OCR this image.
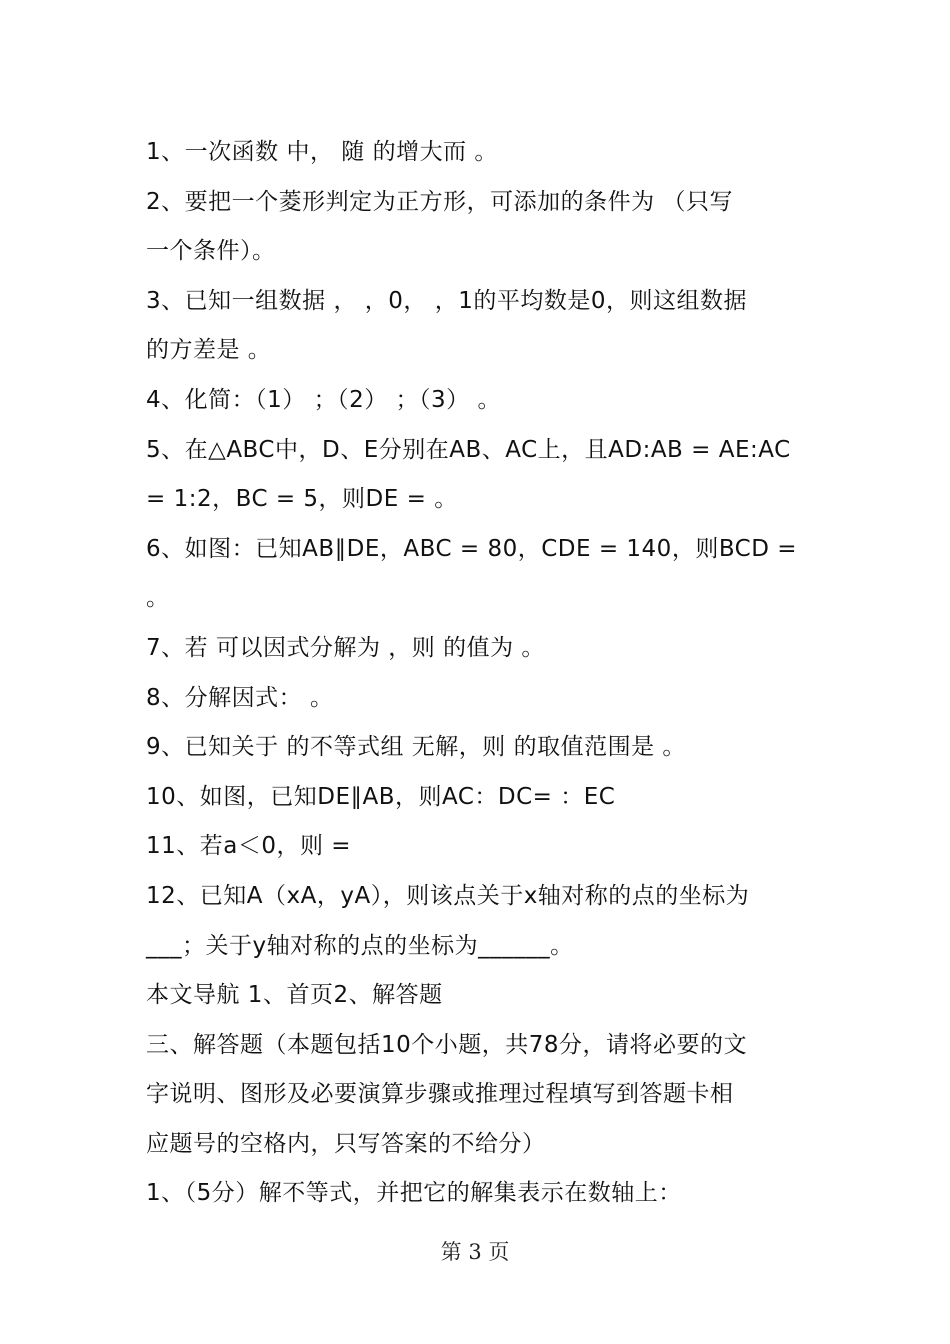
1、一次函数 中， 随 的增大而 。
2、要把一个菱形判定为正方形，可添加的条件为 （只写
一个条件）。
3、已知一组数据 ， ，0， ，1的平均数是0，则这组数据
的方差是 。
4、化简：（1） ；（2） ；（3） 。
5、在△ABC中，D、E分别在AB、AC上，且AD:AB = AE:AC
= 1:2，BC = 5，则DE = 。
6、如图：已知AB∥DE，ABC = 80，CDE = 140，则BCD =
。
7、若 可以因式分解为 ，则 的值为 。
8、分解因式： 。
9、已知关于 的不等式组 无解，则 的取值范围是 。
10、如图，已知DE∥AB，则AC：DC= ：EC
11、若a＜0，则 =
12、已知A（xA，yA），则该点关于x轴对称的点的坐标为
___；关于y轴对称的点的坐标为______。
本文导航 1、首页2、解答题
三、解答题（本题包括10个小题，共78分，请将必要的文
字说明、图形及必要演算步骤或推理过程填写到答题卡相
应题号的空格内，只写答案的不给分）
1、（5分）解不等式，并把它的解集表示在数轴上：
第 3 页
